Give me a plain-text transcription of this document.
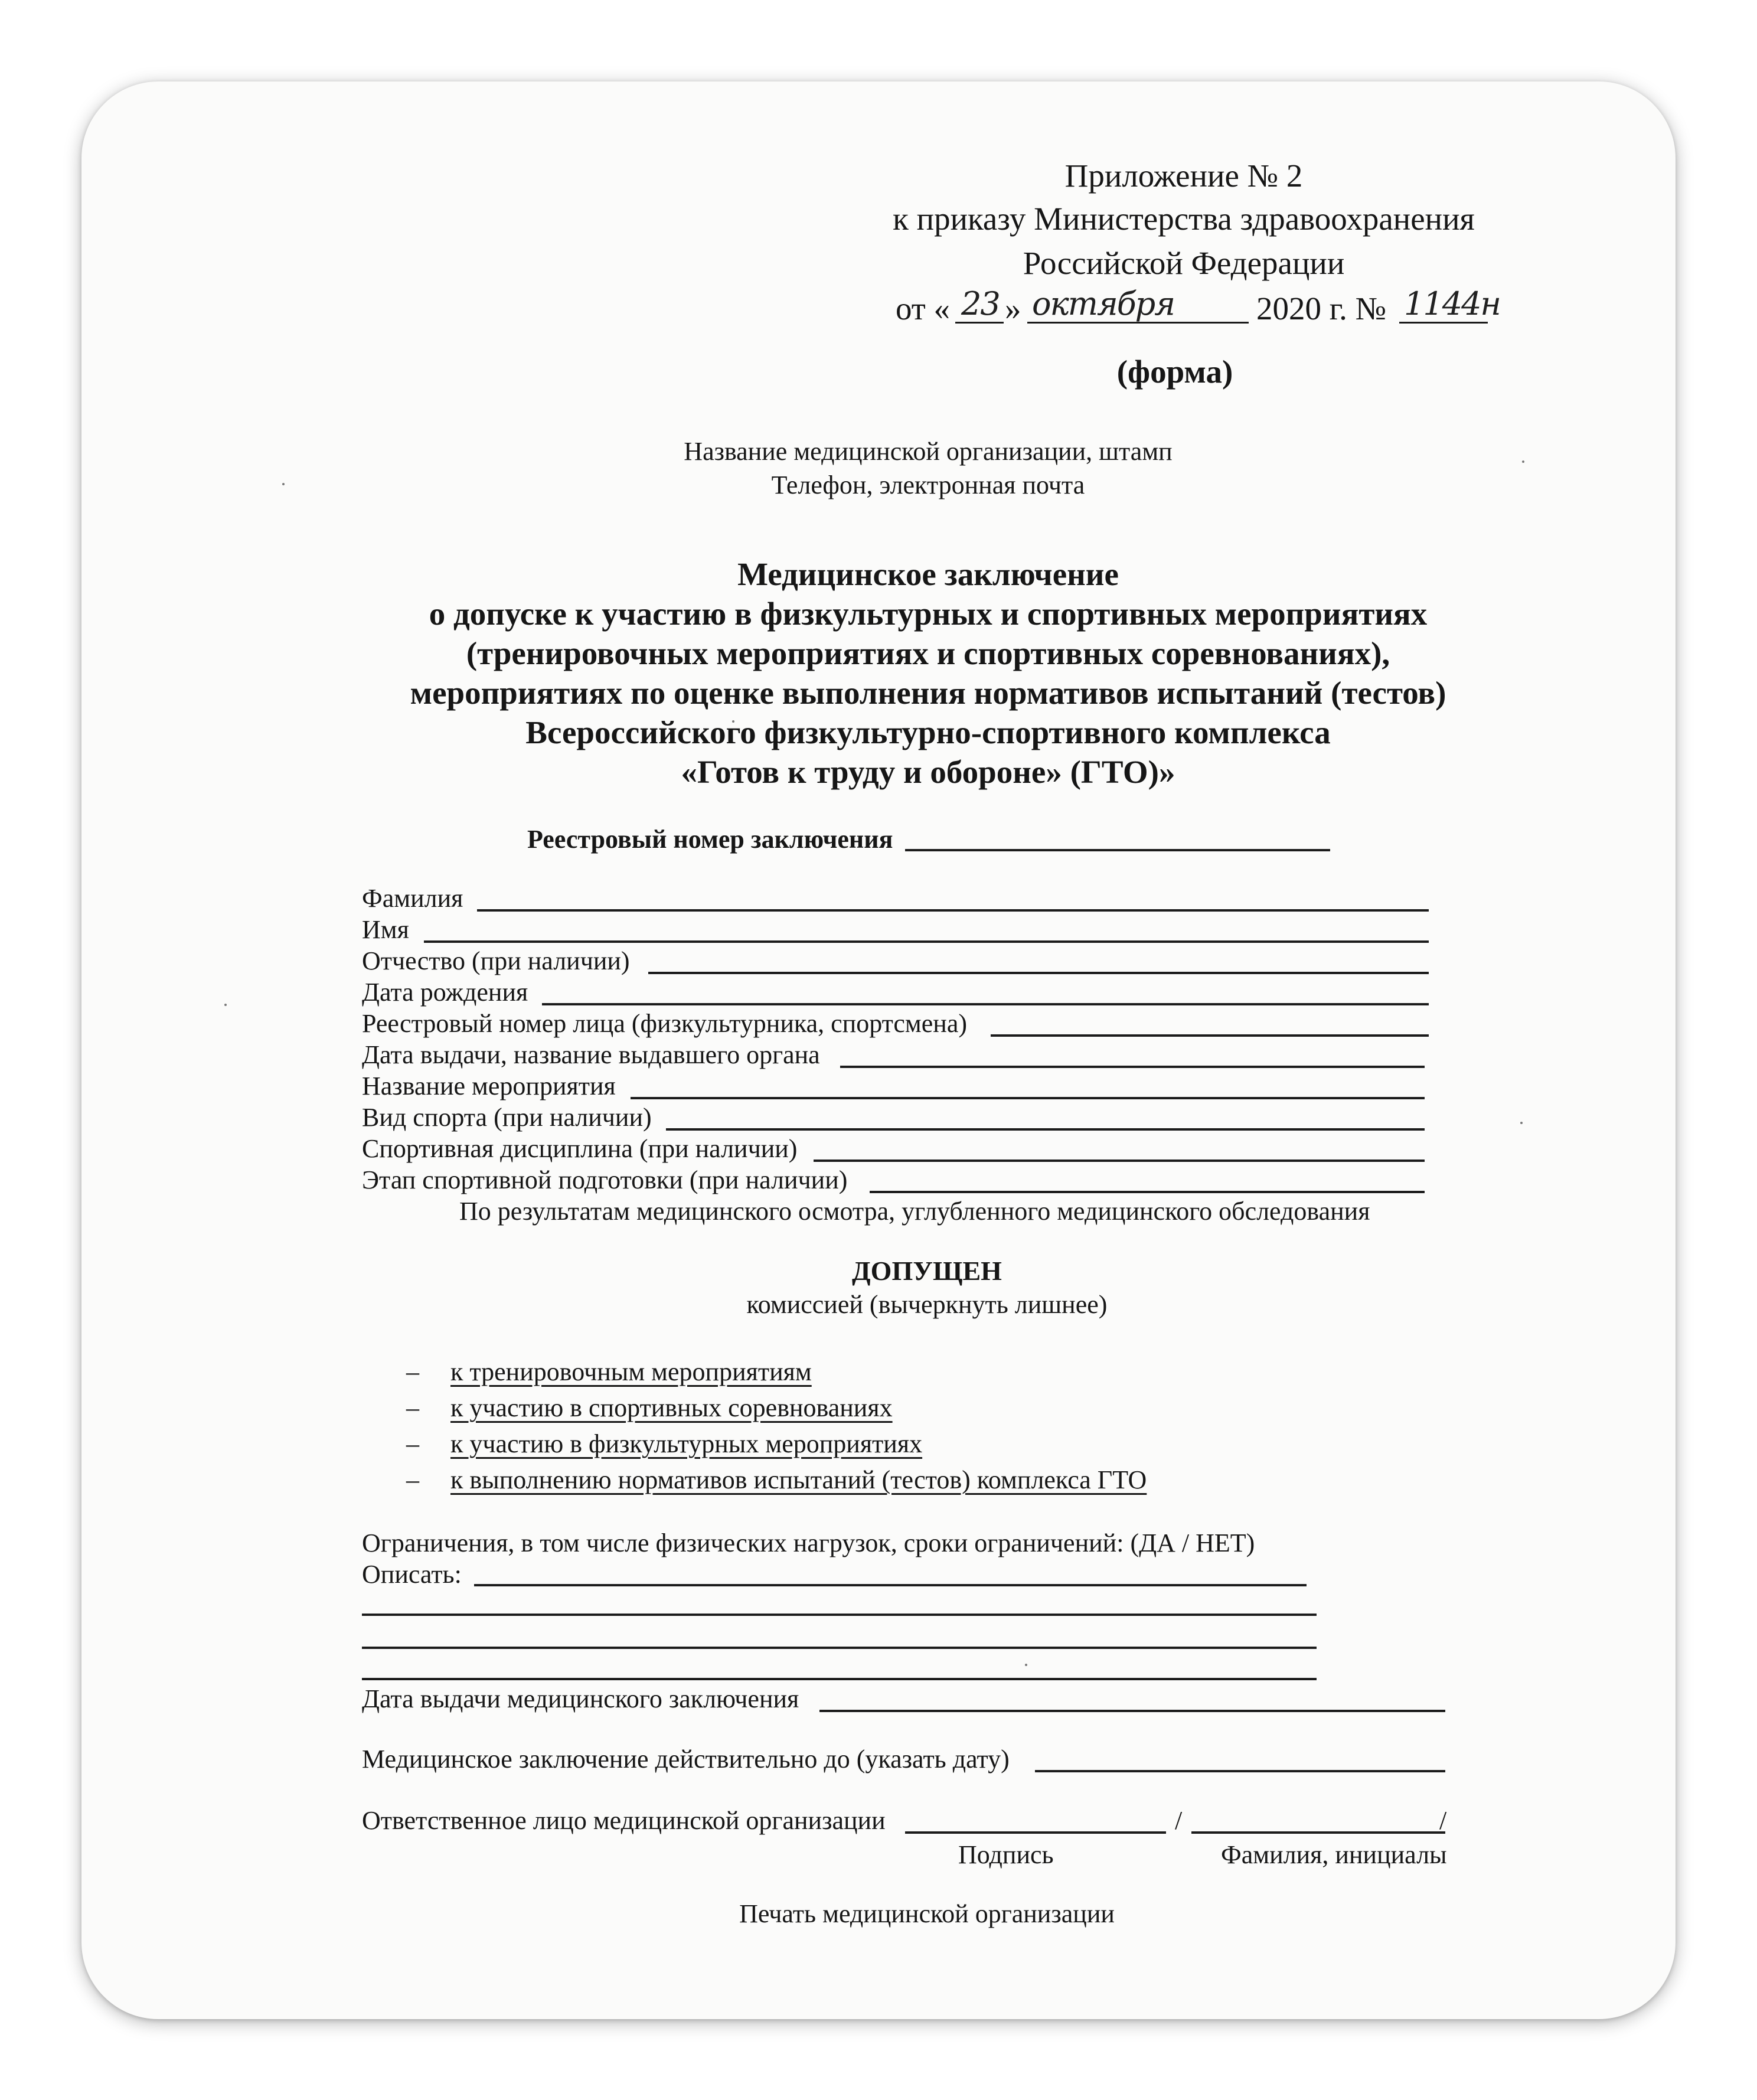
Приложение № 2
к приказу Министерства здравоохранения
Российской Федерации
от « 23 » октября	2020 г. № 1144н
(форма)
Название медицинской организации, штамп
Телефон, электронная почта
Медицинское заключение
о допуске к участию в физкультурных и спортивных мероприятиях
(тренировочных мероприятиях и спортивных соревнованиях),
мероприятиях по оценке выполнения нормативов испытаний (тестов)
Всероссийского физкультурно-спортивного комплекса
«Готов к труду и обороне» (ГТО)»
Реестровый номер заключения
Фамилия
Имя
Отчество (при наличии)
Дата рождения
Реестровый номер лица (физкультурника, спортсмена)
Дата выдачи, название выдавшего органа
Название мероприятия
Вид спорта (при наличии)
Спортивная дисциплина (при наличии)
Этап спортивной подготовки (при наличии)
По результатам медицинского осмотра, углубленного медицинского обследования
ДОПУЩЕН
комиссией (вычеркнуть лишнее)
– к тренировочным мероприятиям
– к участию в спортивных соревнованиях
– к участию в физкультурных мероприятиях
– к выполнению нормативов испытаний (тестов) комплекса ГТО
Ограничения, в том числе физических нагрузок, сроки ограничений: (ДА / НЕТ)
Описать:
Дата выдачи медицинского заключения
Медицинское заключение действительно до (указать дату)
Ответственное лицо медицинской организации	/	/
Подпись	Фамилия, инициалы
Печать медицинской организации
